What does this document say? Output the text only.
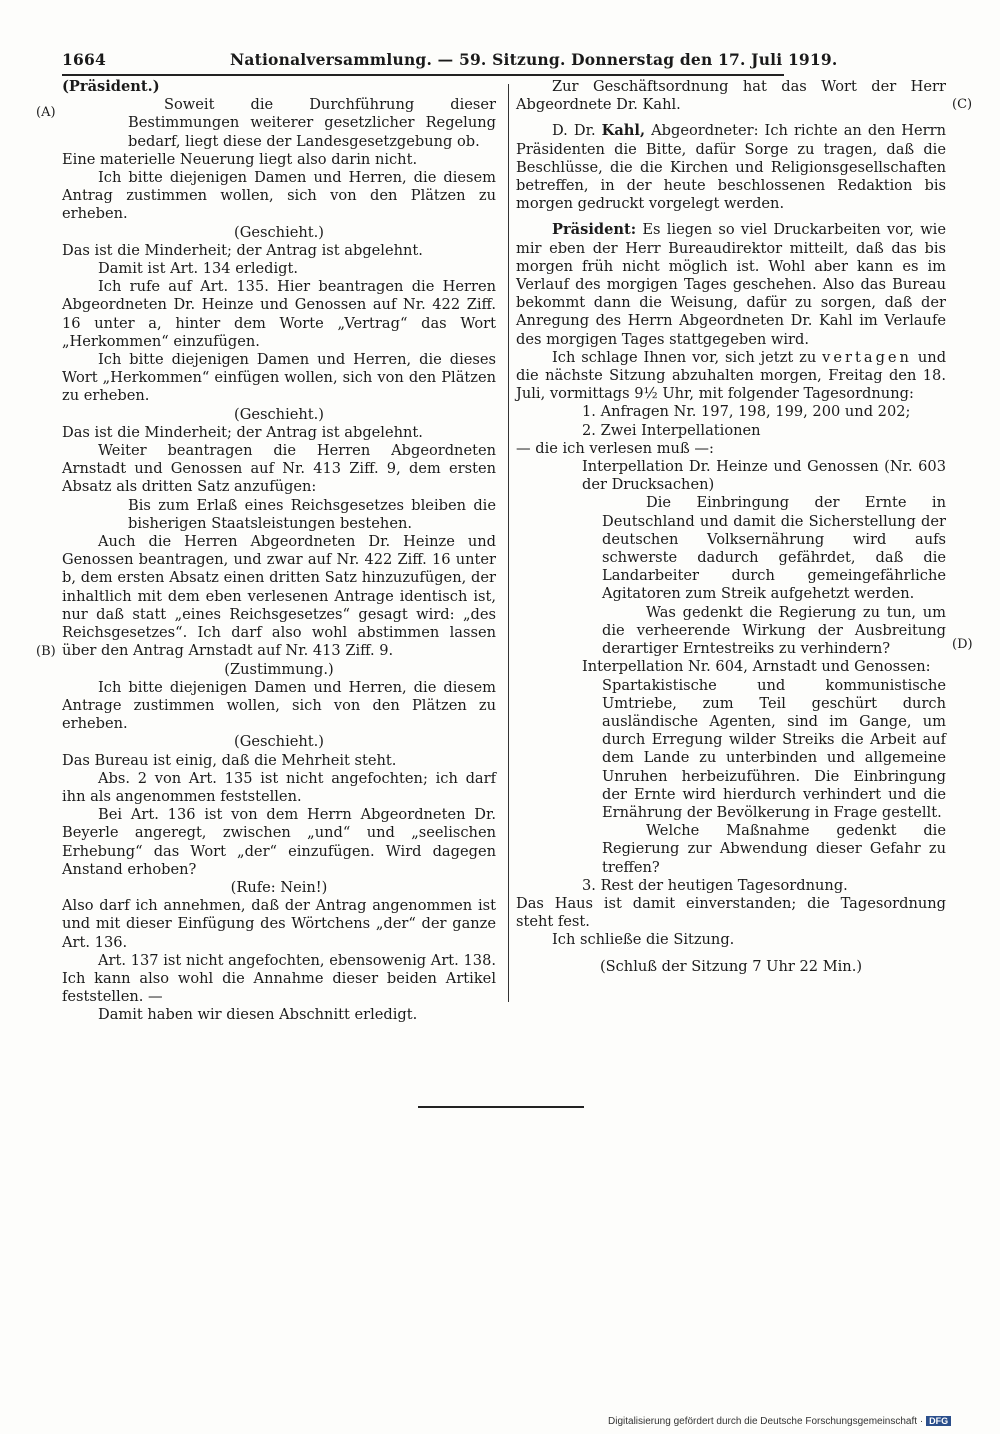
1664	Nationalversammlung. — 59. Sitzung. Donnerstag den 17. Juli 1919.
(A)
(B)
(C)
(D)

(Präsident.)

Soweit die Durchführung dieser Bestimmungen weiterer gesetzlicher Regelung bedarf, liegt diese der Landesgesetzgebung ob.

Eine materielle Neuerung liegt also darin nicht.

Ich bitte diejenigen Damen und Herren, die diesem Antrag zustimmen wollen, sich von den Plätzen zu erheben.

(Geschieht.)

Das ist die Minderheit; der Antrag ist abgelehnt.

Damit ist Art. 134 erledigt.

Ich rufe auf Art. 135. Hier beantragen die Herren Abgeordneten Dr. Heinze und Genossen auf Nr. 422 Ziff. 16 unter a, hinter dem Worte „Vertrag“ das Wort „Herkommen“ einzufügen.

Ich bitte diejenigen Damen und Herren, die dieses Wort „Herkommen“ einfügen wollen, sich von den Plätzen zu erheben.

(Geschieht.)

Das ist die Minderheit; der Antrag ist abgelehnt.

Weiter beantragen die Herren Abgeordneten Arnstadt und Genossen auf Nr. 413 Ziff. 9, dem ersten Absatz als dritten Satz anzufügen:

Bis zum Erlaß eines Reichsgesetzes bleiben die bisherigen Staatsleistungen bestehen.

Auch die Herren Abgeordneten Dr. Heinze und Genossen beantragen, und zwar auf Nr. 422 Ziff. 16 unter b, dem ersten Absatz einen dritten Satz hinzuzufügen, der inhaltlich mit dem eben verlesenen Antrage identisch ist, nur daß statt „eines Reichsgesetzes“ gesagt wird: „des Reichsgesetzes“. Ich darf also wohl abstimmen lassen über den Antrag Arnstadt auf Nr. 413 Ziff. 9.

(Zustimmung.)

Ich bitte diejenigen Damen und Herren, die diesem Antrage zustimmen wollen, sich von den Plätzen zu erheben.

(Geschieht.)

Das Bureau ist einig, daß die Mehrheit steht.

Abs. 2 von Art. 135 ist nicht angefochten; ich darf ihn als angenommen feststellen.

Bei Art. 136 ist von dem Herrn Abgeordneten Dr. Beyerle angeregt, zwischen „und“ und „seelischen Erhebung“ das Wort „der“ einzufügen. Wird dagegen Anstand erhoben?

(Rufe: Nein!)

Also darf ich annehmen, daß der Antrag angenommen ist und mit dieser Einfügung des Wörtchens „der“ der ganze Art. 136.

Art. 137 ist nicht angefochten, ebensowenig Art. 138. Ich kann also wohl die Annahme dieser beiden Artikel feststellen. —

Damit haben wir diesen Abschnitt erledigt.

Zur Geschäftsordnung hat das Wort der Herr Abgeordnete Dr. Kahl.

D. Dr. Kahl, Abgeordneter: Ich richte an den Herrn Präsidenten die Bitte, dafür Sorge zu tragen, daß die Beschlüsse, die die Kirchen und Religionsgesellschaften betreffen, in der heute beschlossenen Redaktion bis morgen gedruckt vorgelegt werden.

Präsident: Es liegen so viel Druckarbeiten vor, wie mir eben der Herr Bureaudirektor mitteilt, daß das bis morgen früh nicht möglich ist. Wohl aber kann es im Verlauf des morgigen Tages geschehen. Also das Bureau bekommt dann die Weisung, dafür zu sorgen, daß der Anregung des Herrn Abgeordneten Dr. Kahl im Verlaufe des morgigen Tages stattgegeben wird.

Ich schlage Ihnen vor, sich jetzt zu vertagen und die nächste Sitzung abzuhalten morgen, Freitag den 18. Juli, vormittags 9½ Uhr, mit folgender Tagesordnung:

1. Anfragen Nr. 197, 198, 199, 200 und 202;

2. Zwei Interpellationen

— die ich verlesen muß —:

Interpellation Dr. Heinze und Genossen (Nr. 603 der Drucksachen)

Die Einbringung der Ernte in Deutschland und damit die Sicherstellung der deutschen Volksernährung wird aufs schwerste dadurch gefährdet, daß die Landarbeiter durch gemeingefährliche Agitatoren zum Streik aufgehetzt werden.

Was gedenkt die Regierung zu tun, um die verheerende Wirkung der Ausbreitung derartiger Erntestreiks zu verhindern?

Interpellation Nr. 604, Arnstadt und Genossen:

Spartakistische und kommunistische Umtriebe, zum Teil geschürt durch ausländische Agenten, sind im Gange, um durch Erregung wilder Streiks die Arbeit auf dem Lande zu unterbinden und allgemeine Unruhen herbeizuführen. Die Einbringung der Ernte wird hierdurch verhindert und die Ernährung der Bevölkerung in Frage gestellt.

Welche Maßnahme gedenkt die Regierung zur Abwendung dieser Gefahr zu treffen?

3. Rest der heutigen Tagesordnung.

Das Haus ist damit einverstanden; die Tagesordnung steht fest.

Ich schließe die Sitzung.

(Schluß der Sitzung 7 Uhr 22 Min.)

Digitalisierung gefördert durch die Deutsche Forschungsgemeinschaft · DFG
